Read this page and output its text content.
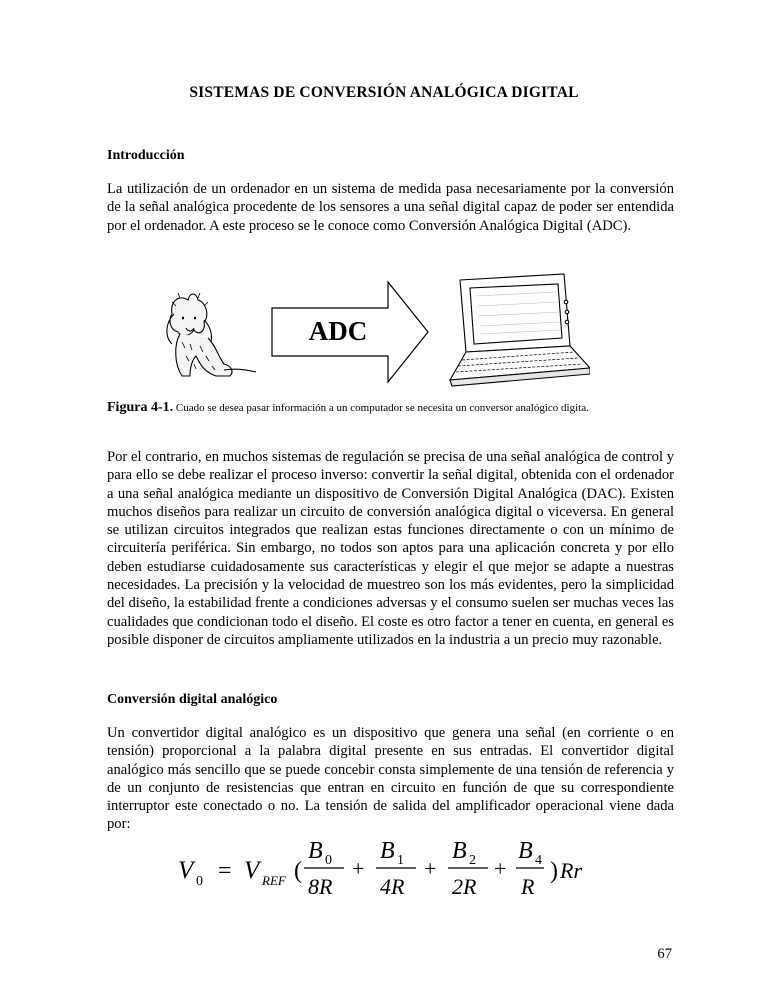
SISTEMAS DE CONVERSIÓN ANALÓGICA DIGITAL
Introducción
La utilización de un ordenador en un sistema de medida pasa necesariamente por la conversión de la señal analógica procedente de los sensores a una señal digital capaz de poder ser entendida por el ordenador. A este proceso se le conoce como Conversión Analógica Digital (ADC).
ADC
Figura 4-1. Cuado se desea pasar información a un computador se necesita un conversor analógico digita.
Por el contrario, en muchos sistemas de regulación se precisa de una señal analógica de control y para ello se debe realizar el proceso inverso: convertir la señal digital, obtenida con el ordenador a una señal analógica mediante un dispositivo de Conversión Digital Analógica (DAC). Existen muchos diseños para realizar un circuito de conversión analógica digital o viceversa. En general se utilizan circuitos integrados que realizan estas funciones directamente o con un mínimo de circuitería periférica. Sin embargo, no todos son aptos para una aplicación concreta y por ello deben estudiarse cuidadosamente sus características y elegir el que mejor se adapte a nuestras necesidades. La precisión y la velocidad de muestreo son los más evidentes, pero la simplicidad del diseño, la estabilidad frente a condiciones adversas y el consumo suelen ser muchas veces las cualidades que condicionan todo el diseño. El coste es otro factor a tener en cuenta, en general es posible disponer de circuitos ampliamente utilizados en la industria a un precio muy razonable.
Conversión digital analógico
Un convertidor digital analógico es un dispositivo que genera una señal (en corriente o en tensión) proporcional a la palabra digital presente en sus entradas. El convertidor digital analógico más sencillo que se puede concebir consta simplemente de una tensión de referencia y de un conjunto de resistencias que entran en circuito en función de que su correspondiente interruptor este conectado o no. La tensión de salida del amplificador operacional viene dada por:
V 0 = V REF (
B 0
8R
+
B 1
4R
+
B 2
2R
+
B 4
R
) Rr
67
